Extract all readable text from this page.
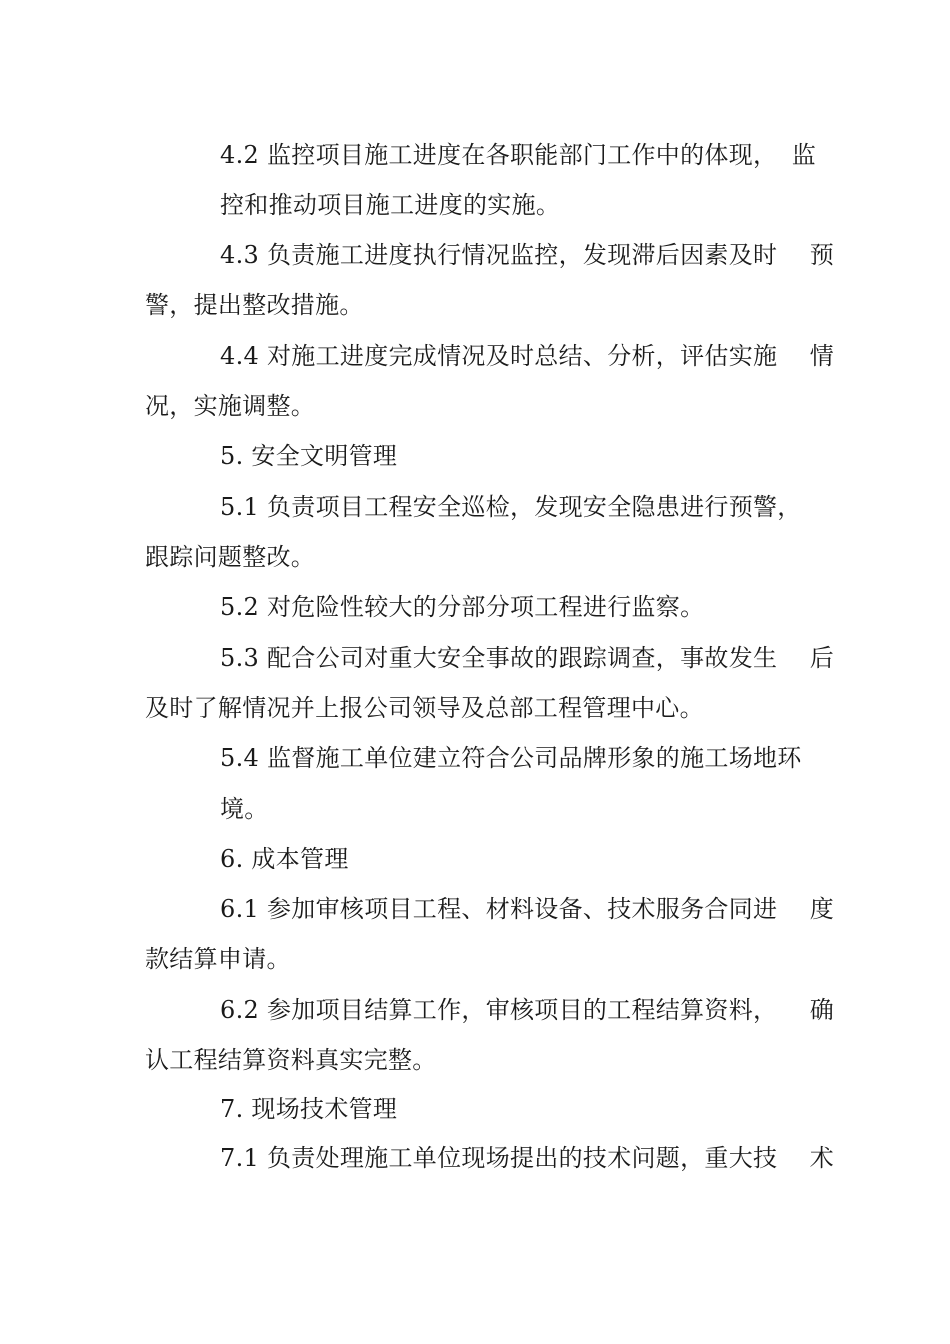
4.2 监控项目施工进度在各职能部门工作中的体现， 监
控和推动项目施工进度的实施。
4.3 负责施工进度执行情况监控，发现滞后因素及时 预
警，提出整改措施。
4.4 对施工进度完成情况及时总结、分析，评估实施 情
况，实施调整。
5. 安全文明管理
5.1 负责项目工程安全巡检，发现安全隐患进行预警，
跟踪问题整改。
5.2 对危险性较大的分部分项工程进行监察。
5.3 配合公司对重大安全事故的跟踪调查，事故发生 后
及时了解情况并上报公司领导及总部工程管理中心。
5.4 监督施工单位建立符合公司品牌形象的施工场地环
境。
6. 成本管理
6.1 参加审核项目工程、材料设备、技术服务合同进 度
款结算申请。
6.2 参加项目结算工作，审核项目的工程结算资料， 确
认工程结算资料真实完整。
7. 现场技术管理
7.1 负责处理施工单位现场提出的技术问题，重大技 术
